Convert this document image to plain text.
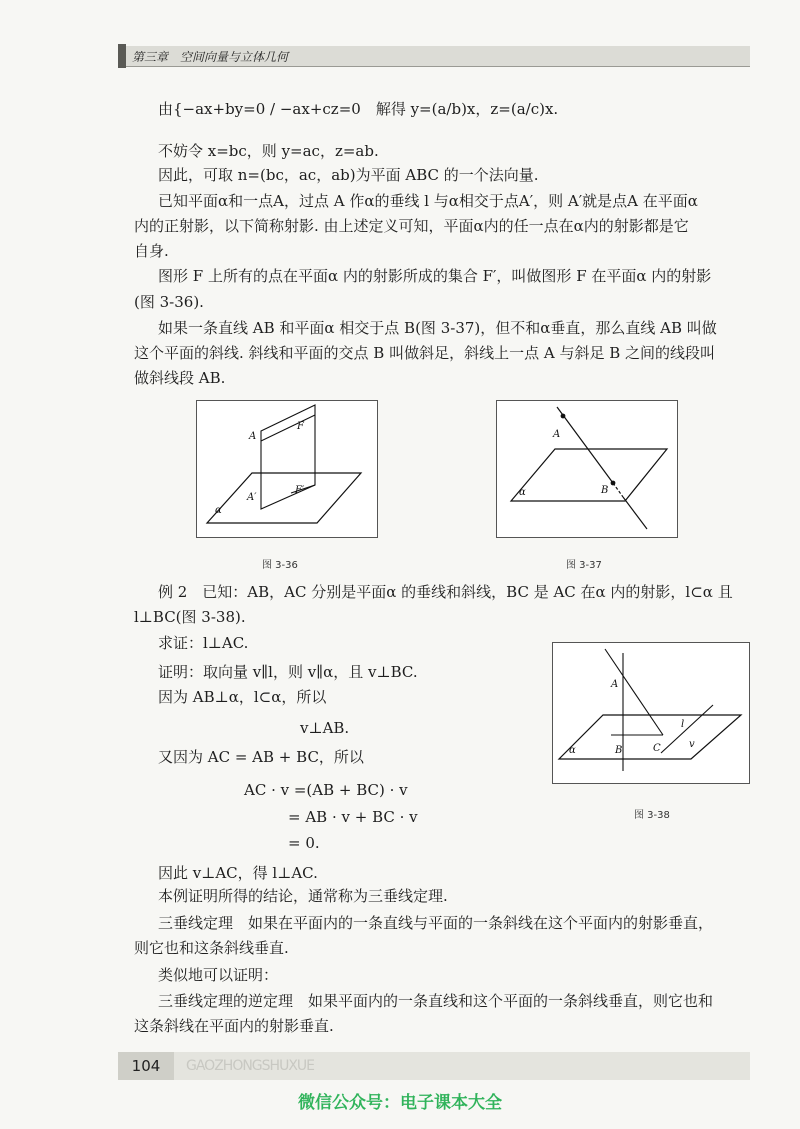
第三章　空间向量与立体几何
由{−ax+by=0 / −ax+cz=0　解得 y=(a/b)x，z=(a/c)x.
不妨令 x=bc，则 y=ac，z=ab.
因此，可取 n=(bc，ac，ab)为平面 ABC 的一个法向量.
已知平面α和一点A，过点 A 作α的垂线 l 与α相交于点A′，则 A′就是点A 在平面α
内的正射影，以下简称射影. 由上述定义可知，平面α内的任一点在α内的射影都是它
自身.
图形 F 上所有的点在平面α 内的射影所成的集合 F′，叫做图形 F 在平面α 内的射影
(图 3-36).
如果一条直线 AB 和平面α 相交于点 B(图 3-37)，但不和α垂直，那么直线 AB 叫做
这个平面的斜线. 斜线和平面的交点 B 叫做斜足，斜线上一点 A 与斜足 B 之间的线段叫
做斜线段 AB.
A
F
A′
F′
α
图 3-36
A
B
α
例 2　已知：AB，AC 分别是平面α 的垂线和斜线，BC 是 AC 在α 内的射影，l⊂α 且
l⊥BC(图 3-38).
求证：l⊥AC.
证明：取向量 v∥l，则 v∥α，且 v⊥BC.
因为 AB⊥α，l⊂α，所以
v⊥AB.
又因为 AC = AB + BC，所以
AC · v =(AB + BC) · v
= AB · v + BC · v
= 0.
因此 v⊥AC，得 l⊥AC.
本例证明所得的结论，通常称为三垂线定理.
A
B	C
l
v
α
图 3-38
三垂线定理　如果在平面内的一条直线与平面的一条斜线在这个平面内的射影垂直，
则它也和这条斜线垂直.
类似地可以证明：
三垂线定理的逆定理　如果平面内的一条直线和这个平面的一条斜线垂直，则它也和
这条斜线在平面内的射影垂直.
104	GAOZHONGSHUXUE
微信公众号：电子课本大全
图 3-37
